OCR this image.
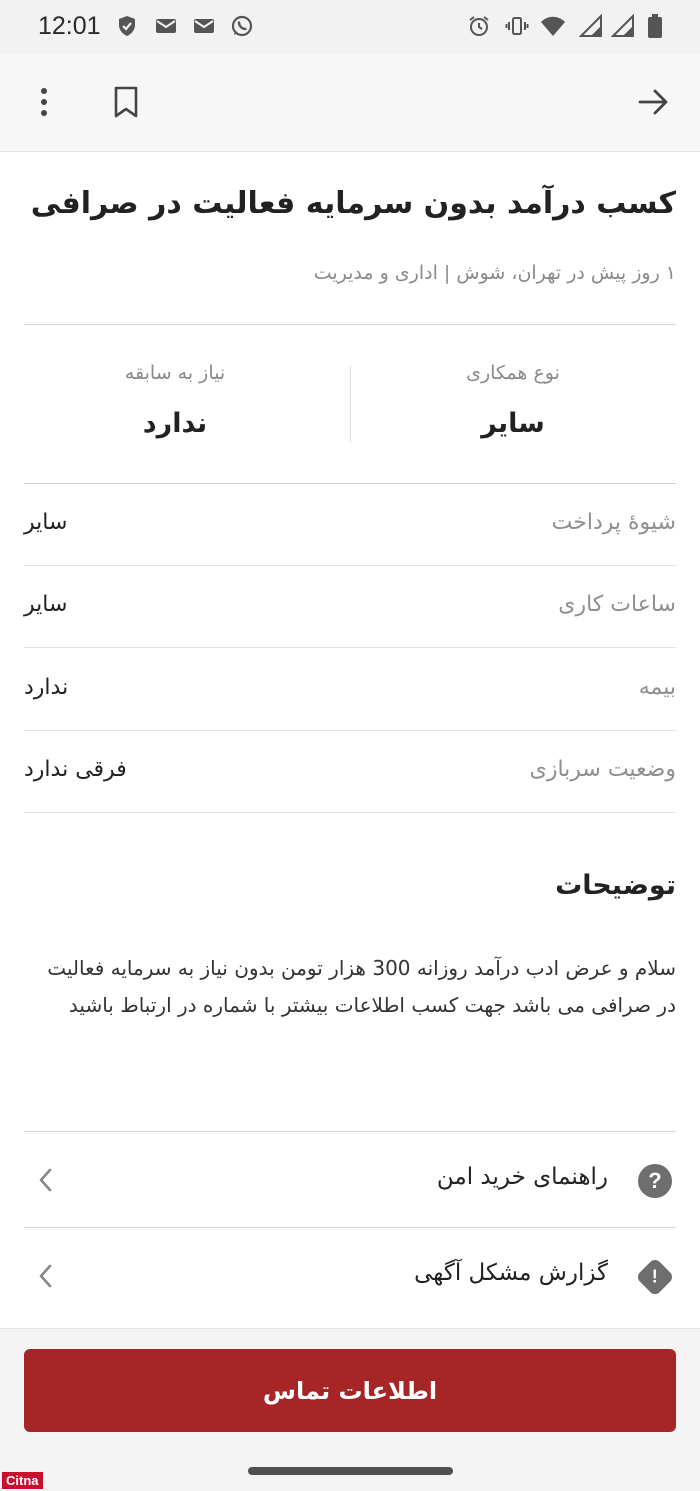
12:01
کسب درآمد بدون سرمایه فعالیت در صرافی
۱ روز پیش در تهران، شوش | اداری و مدیریت
نوع همکاری
سایر
نیاز به سابقه
ندارد
شیوهٔ پرداخت
سایر
ساعات کاری
سایر
بیمه
ندارد
وضعیت سربازی
فرقی ندارد
توضیحات
سلام و عرض ادب درآمد روزانه 300 هزار تومن بدون نیاز به سرمایه فعالیت در صرافی می باشد جهت کسب اطلاعات بیشتر با شماره در ارتباط باشید
?
راهنمای خرید امن
!
گزارش مشکل آگهی
اطلاعات تماس
Citna
